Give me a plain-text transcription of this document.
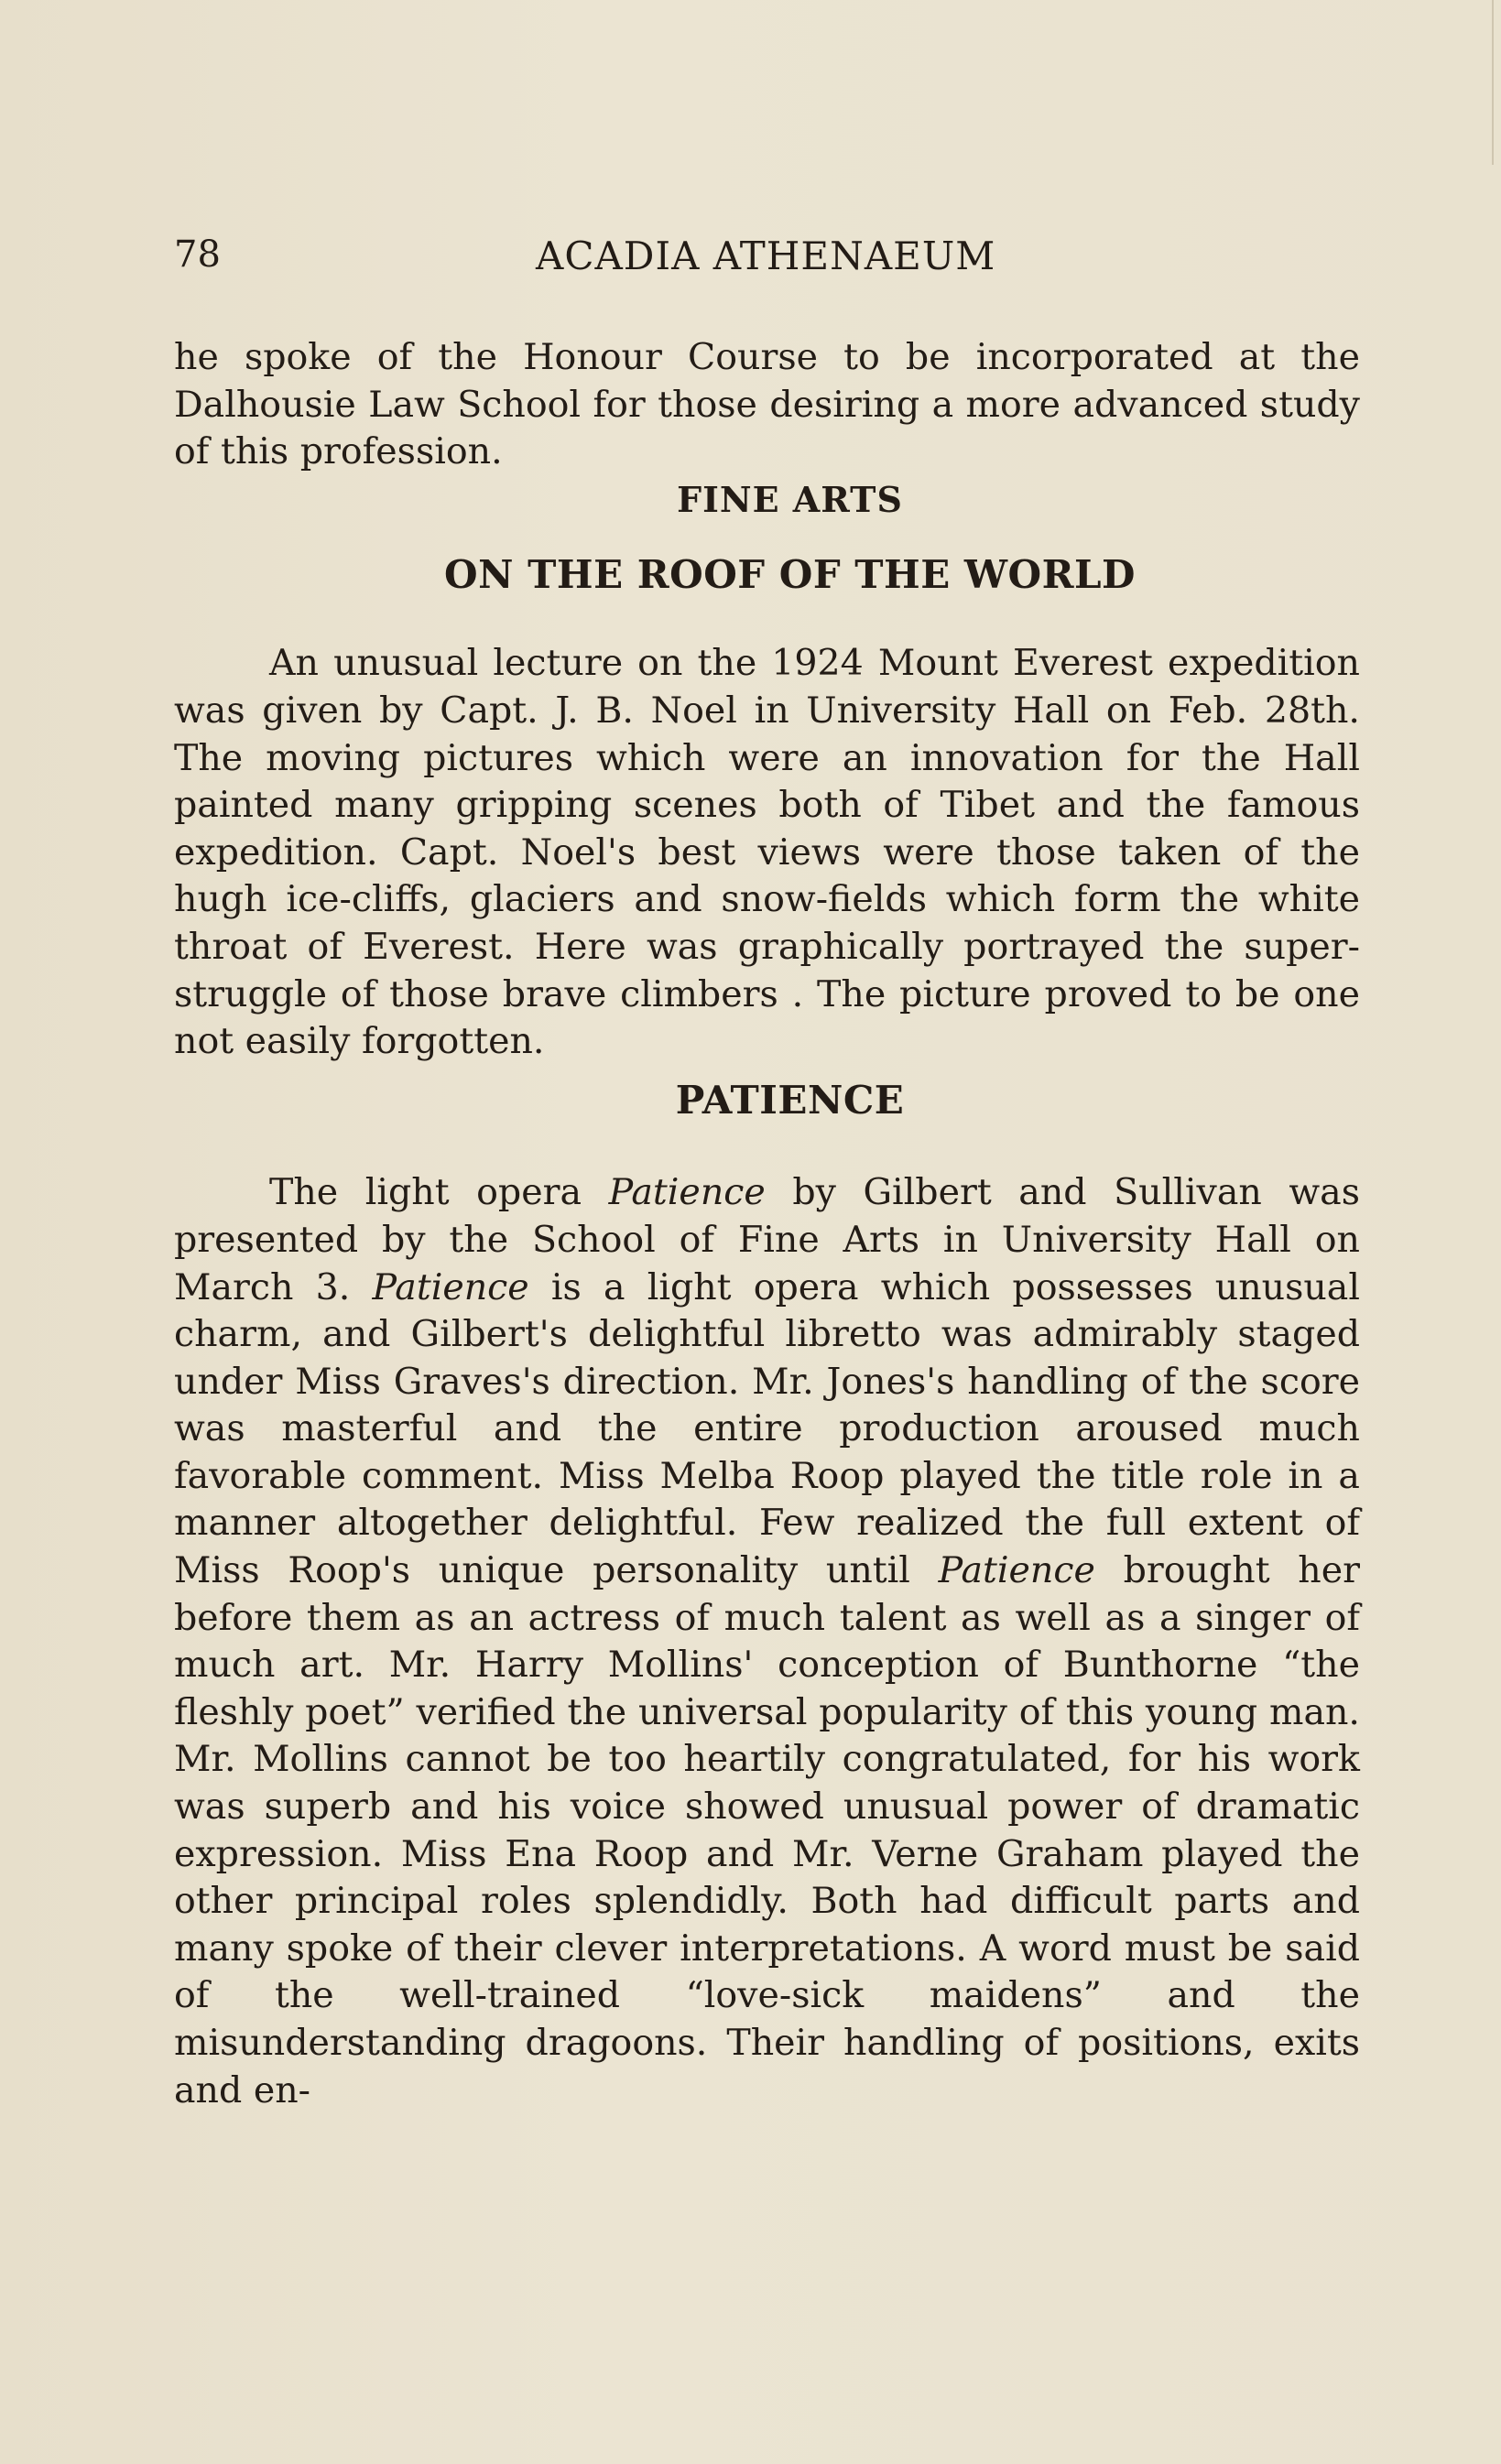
78	ACADIA ATHENAEUM

he spoke of the Honour Course to be incorporated at the Dalhousie Law School for those desiring a more advanced study of this profession.

FINE ARTS
ON THE ROOF OF THE WORLD

An unusual lecture on the 1924 Mount Everest expedition was given by Capt. J. B. Noel in University Hall on Feb. 28th. The moving pictures which were an innovation for the Hall painted many gripping scenes both of Tibet and the famous expedition. Capt. Noel's best views were those taken of the hugh ice-cliffs, glaciers and snow-fields which form the white throat of Everest. Here was graphically portrayed the super-struggle of those brave climbers . The picture proved to be one not easily forgotten.

PATIENCE

The light opera Patience by Gilbert and Sullivan was presented by the School of Fine Arts in University Hall on March 3. Patience is a light opera which possesses unusual charm, and Gilbert's delightful libretto was admirably staged under Miss Graves's direction. Mr. Jones's handling of the score was masterful and the entire production aroused much favorable comment. Miss Melba Roop played the title role in a manner altogether delightful. Few realized the full extent of Miss Roop's unique personality until Patience brought her before them as an actress of much talent as well as a singer of much art. Mr. Harry Mollins' conception of Bunthorne “the fleshly poet” verified the universal popularity of this young man. Mr. Mollins cannot be too heartily congratulated, for his work was superb and his voice showed unusual power of dramatic expression. Miss Ena Roop and Mr. Verne Graham played the other principal roles splendidly. Both had difficult parts and many spoke of their clever interpretations. A word must be said of the well-trained “love-sick maidens” and the misunderstanding dragoons. Their handling of positions, exits and en-
